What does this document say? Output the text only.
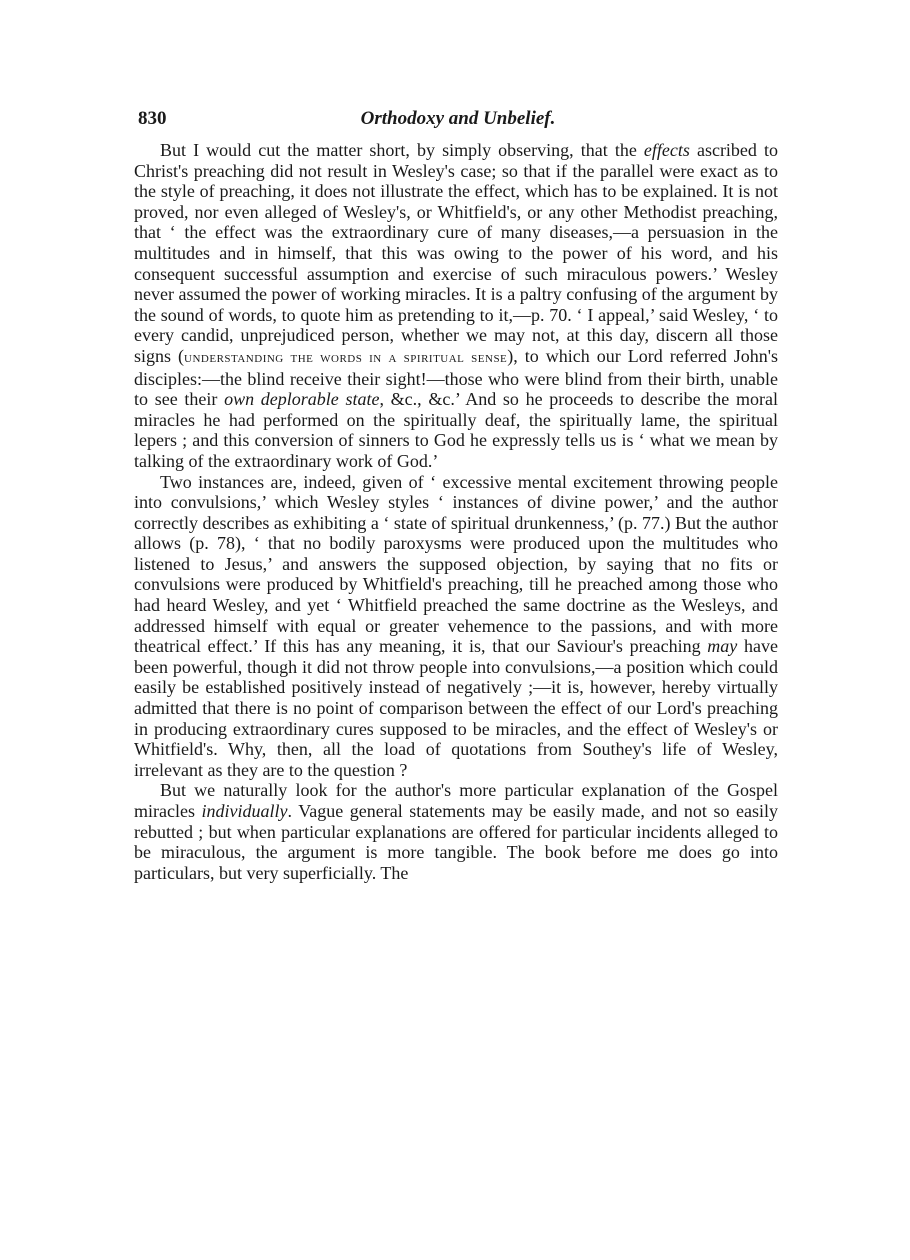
830	Orthodoxy and Unbelief.

But I would cut the matter short, by simply observing, that the effects ascribed to Christ's preaching did not result in Wesley's case; so that if the parallel were exact as to the style of preaching, it does not illustrate the effect, which has to be explained. It is not proved, nor even alleged of Wesley's, or Whitfield's, or any other Methodist preaching, that ‘ the effect was the extraordinary cure of many diseases,—a persuasion in the multitudes and in himself, that this was owing to the power of his word, and his consequent successful assumption and exercise of such miraculous powers.’ Wesley never assumed the power of working miracles. It is a paltry confusing of the argument by the sound of words, to quote him as pretending to it,—p. 70. ‘ I appeal,’ said Wesley, ‘ to every candid, unprejudiced person, whether we may not, at this day, discern all those signs (understanding the words in a spiritual sense), to which our Lord referred John's disciples:—the blind receive their sight!—those who were blind from their birth, unable to see their own deplorable state, &c., &c.’ And so he proceeds to describe the moral miracles he had performed on the spiritually deaf, the spiritually lame, the spiritual lepers ; and this conversion of sinners to God he expressly tells us is ‘ what we mean by talking of the extraordinary work of God.’

Two instances are, indeed, given of ‘ excessive mental excitement throwing people into convulsions,’ which Wesley styles ‘ instances of divine power,’ and the author correctly describes as exhibiting a ‘ state of spiritual drunkenness,’ (p. 77.) But the author allows (p. 78), ‘ that no bodily paroxysms were produced upon the multitudes who listened to Jesus,’ and answers the supposed objection, by saying that no fits or convulsions were produced by Whitfield's preaching, till he preached among those who had heard Wesley, and yet ‘ Whitfield preached the same doctrine as the Wesleys, and addressed himself with equal or greater vehemence to the passions, and with more theatrical effect.’ If this has any meaning, it is, that our Saviour's preaching may have been powerful, though it did not throw people into convulsions,—a position which could easily be established positively instead of negatively ;—it is, however, hereby virtually admitted that there is no point of comparison between the effect of our Lord's preaching in producing extraordinary cures supposed to be miracles, and the effect of Wesley's or Whitfield's. Why, then, all the load of quotations from Southey's life of Wesley, irrelevant as they are to the question ?

But we naturally look for the author's more particular explanation of the Gospel miracles individually. Vague general statements may be easily made, and not so easily rebutted ; but when particular explanations are offered for particular incidents alleged to be miraculous, the argument is more tangible. The book before me does go into particulars, but very superficially. The
